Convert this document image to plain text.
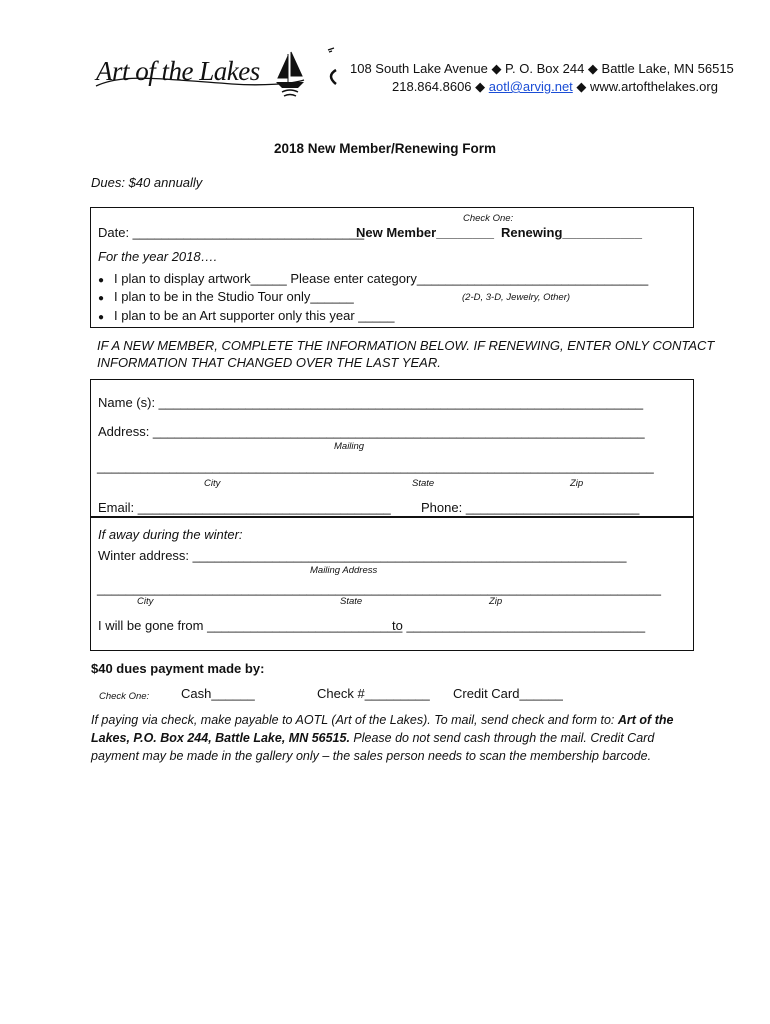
Art of the Lakes	108 South Lake Avenue ◆ P. O. Box 244 ◆ Battle Lake, MN 56515
218.864.8606 ◆ aotl@arvig.net ◆ www.artofthelakes.org
2018 New Member/Renewing Form
Dues: $40 annually
Check One:
Date: ________________________________
New Member________ Renewing___________
For the year 2018….
● I plan to display artwork_____ Please enter category________________________________
● I plan to be in the Studio Tour only______	(2-D, 3-D, Jewelry, Other)
● I plan to be an Art supporter only this year _____
IF A NEW MEMBER, COMPLETE THE INFORMATION BELOW. IF RENEWING, ENTER ONLY CONTACT
INFORMATION THAT CHANGED OVER THE LAST YEAR.
Name (s): ___________________________________________________________________
Address: ____________________________________________________________________
Mailing
_____________________________________________________________________________
City	State	Zip
Email: ___________________________________ Phone: ________________________
If away during the winter:
Winter address: ____________________________________________________________
Mailing Address
______________________________________________________________________________
City	State	Zip
I will be gone from ___________________________
to _________________________________
$40 dues payment made by:
Check One: Cash______	Check #_________ Credit Card______
If paying via check, make payable to AOTL (Art of the Lakes). To mail, send check and form to: Art of the
Lakes, P.O. Box 244, Battle Lake, MN 56515. Please do not send cash through the mail. Credit Card
payment may be made in the gallery only – the sales person needs to scan the membership barcode.
